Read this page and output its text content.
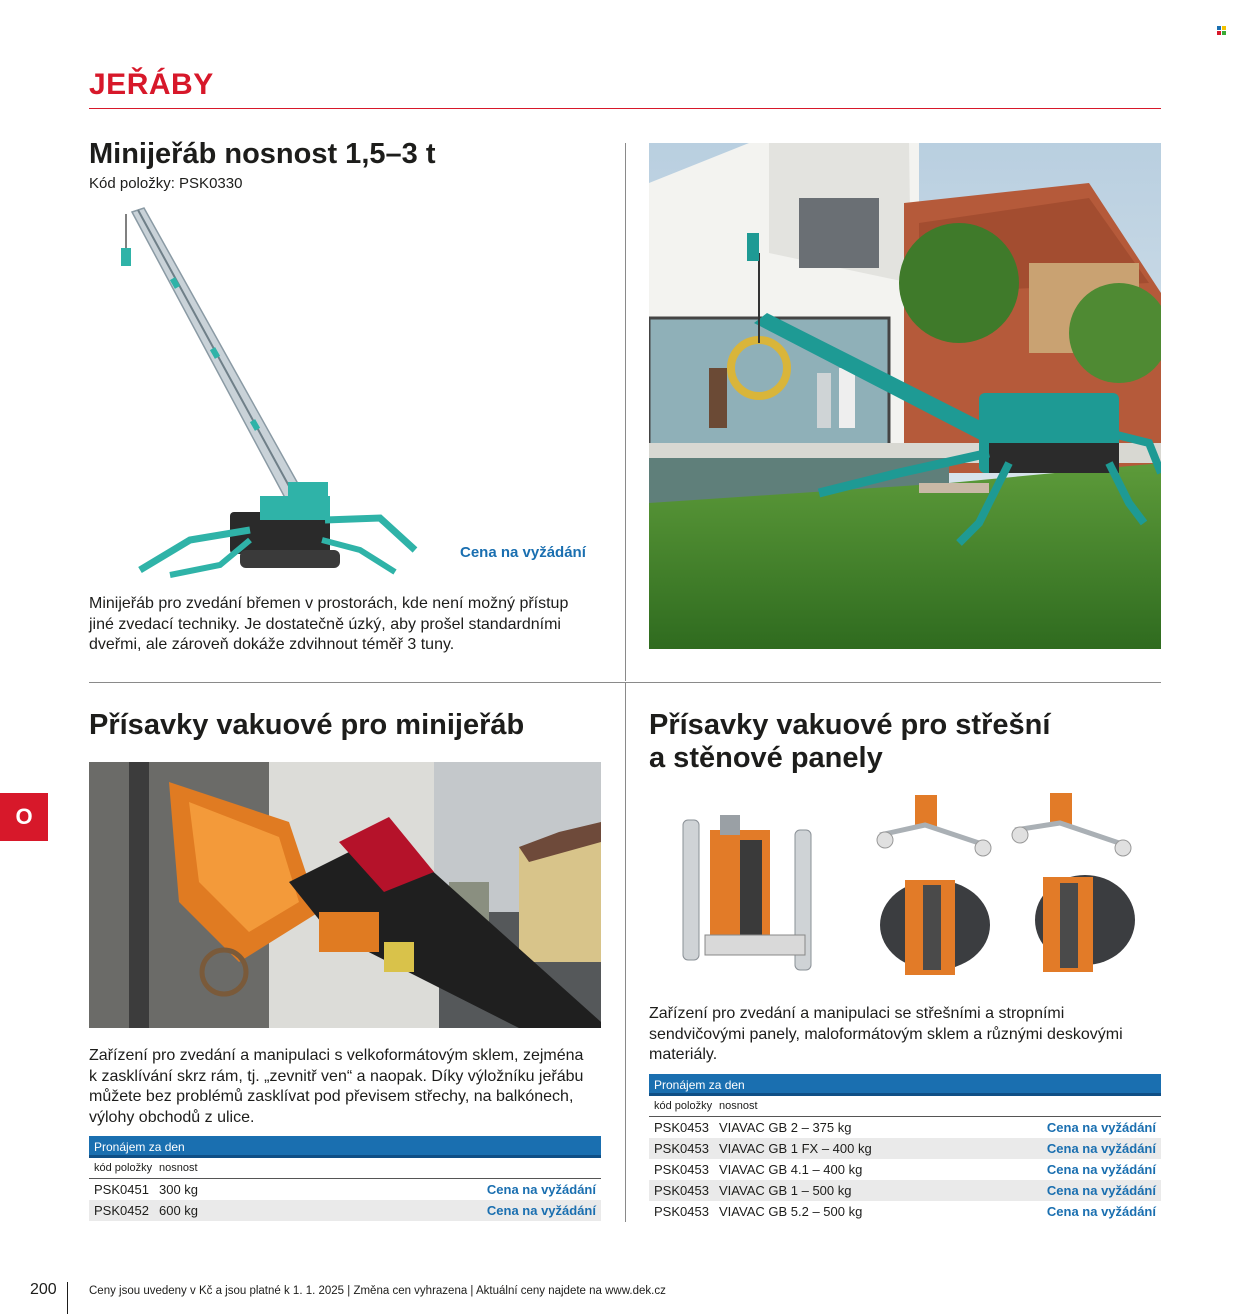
JEŘÁBY
Minijeřáb nosnost 1,5–3 t
Kód položky: PSK0330
Cena na vyžádání
Minijeřáb pro zvedání břemen v prostorách, kde není možný přístup
jiné zvedací techniky. Je dostatečně úzký, aby prošel standardními
dveřmi, ale zároveň dokáže zdvihnout téměř 3 tuny.
Přísavky vakuové pro minijeřáb
Zařízení pro zvedání a manipulaci s velkoformátovým sklem, zejména
k zasklívání skrz rám, tj. „zevnitř ven“ a naopak. Díky výložníku jeřábu
můžete bez problémů zasklívat pod převisem střechy, na balkónech,
výlohy obchodů z ulice.
Pronájem za den
kód položky nosnost
PSK0451 300 kg	Cena na vyžádání
PSK0452 600 kg	Cena na vyžádání
Přísavky vakuové pro střešní
a stěnové panely
Zařízení pro zvedání a manipulaci se střešními a stropními
sendvičovými panely, maloformátovým sklem a různými deskovými
materiály.
Pronájem za den
kód položky nosnost
PSK0453 VIAVAC GB 2 – 375 kg	Cena na vyžádání
PSK0453 VIAVAC GB 1 FX – 400 kg	Cena na vyžádání
PSK0453 VIAVAC GB 4.1 – 400 kg	Cena na vyžádání
PSK0453 VIAVAC GB 1 – 500 kg	Cena na vyžádání
PSK0453 VIAVAC GB 5.2 – 500 kg	Cena na vyžádání
O
200	Ceny jsou uvedeny v Kč a jsou platné k 1. 1. 2025 | Změna cen vyhrazena | Aktuální ceny najdete na www.dek.cz
